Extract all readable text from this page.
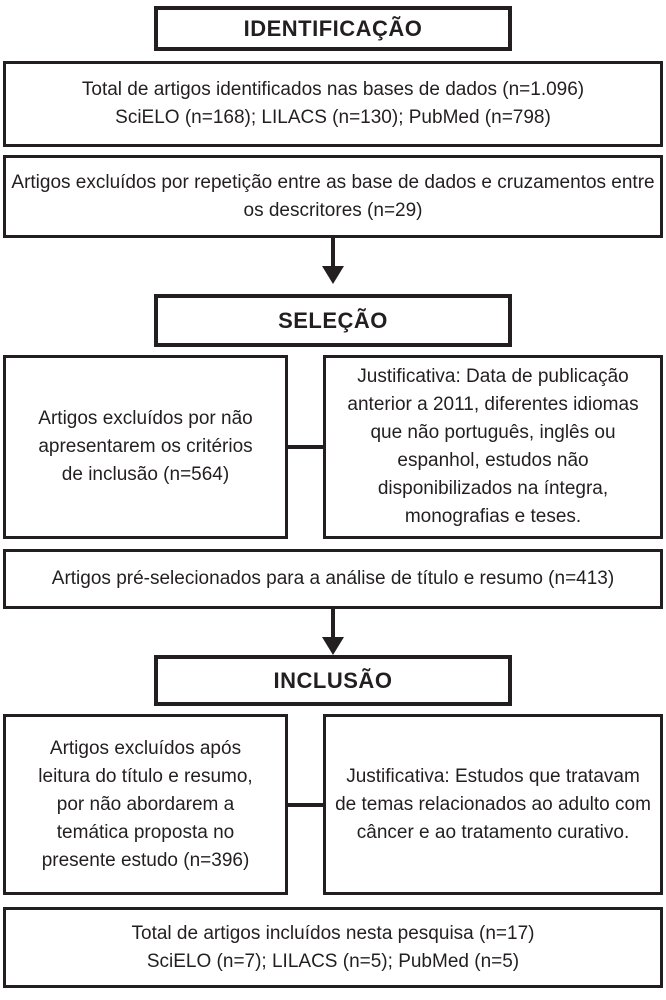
IDENTIFICAÇÃO
Total de artigos identificados nas bases de dados (n=1.096)
SciELO (n=168); LILACS (n=130); PubMed (n=798)
Artigos excluídos por repetição entre as base de dados e cruzamentos entre os descritores (n=29)
SELEÇÃO
Artigos excluídos por não apresentarem os critérios de inclusão (n=564)
Justificativa: Data de publicação anterior a 2011, diferentes idiomas que não português, inglês ou espanhol, estudos não disponibilizados na íntegra, monografias e teses.
Artigos pré-selecionados para a análise de título e resumo (n=413)
INCLUSÃO
Artigos excluídos após leitura do título e resumo, por não abordarem a temática proposta no presente estudo (n=396)
Justificativa: Estudos que tratavam de temas relacionados ao adulto com câncer e ao tratamento curativo.
Total de artigos incluídos nesta pesquisa (n=17)
SciELO (n=7); LILACS (n=5); PubMed (n=5)
